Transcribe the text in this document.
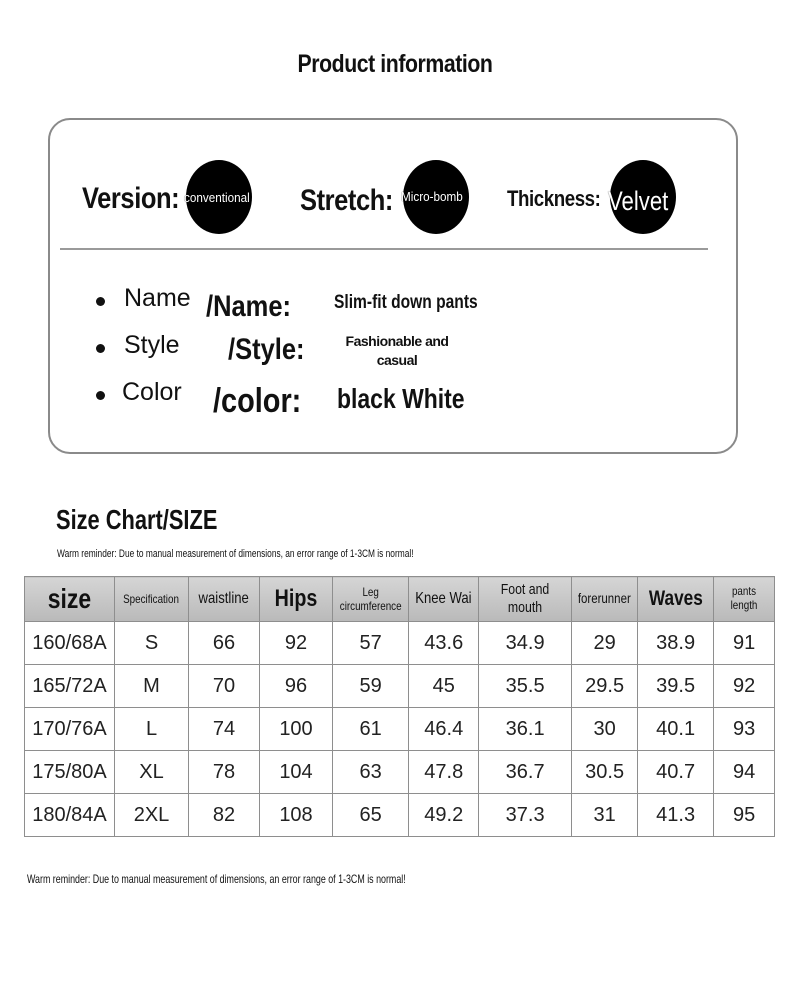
Product information
Version: conventional Stretch: Micro-bomb Thickness: Velvet
Name /Name: Slim-fit down pants
Style /Style:	Fashionable and casual
Color /color: black White
Size Chart/SIZE
Warm reminder: Due to manual measurement of dimensions, an error range of 1-3CM is normal!
size	Specification	waistline	Hips	Leg circumference	Knee Wai	Foot and mouth	forerunner	Waves	pants length
160/68A	S	66	92	57	43.6	34.9	29	38.9	91
165/72A	M	70	96	59	45	35.5	29.5	39.5	92
170/76A	L	74	100	61	46.4	36.1	30	40.1	93
175/80A	XL	78	104	63	47.8	36.7	30.5	40.7	94
180/84A	2XL	82	108	65	49.2	37.3	31	41.3	95
Warm reminder: Due to manual measurement of dimensions, an error range of 1-3CM is normal!
